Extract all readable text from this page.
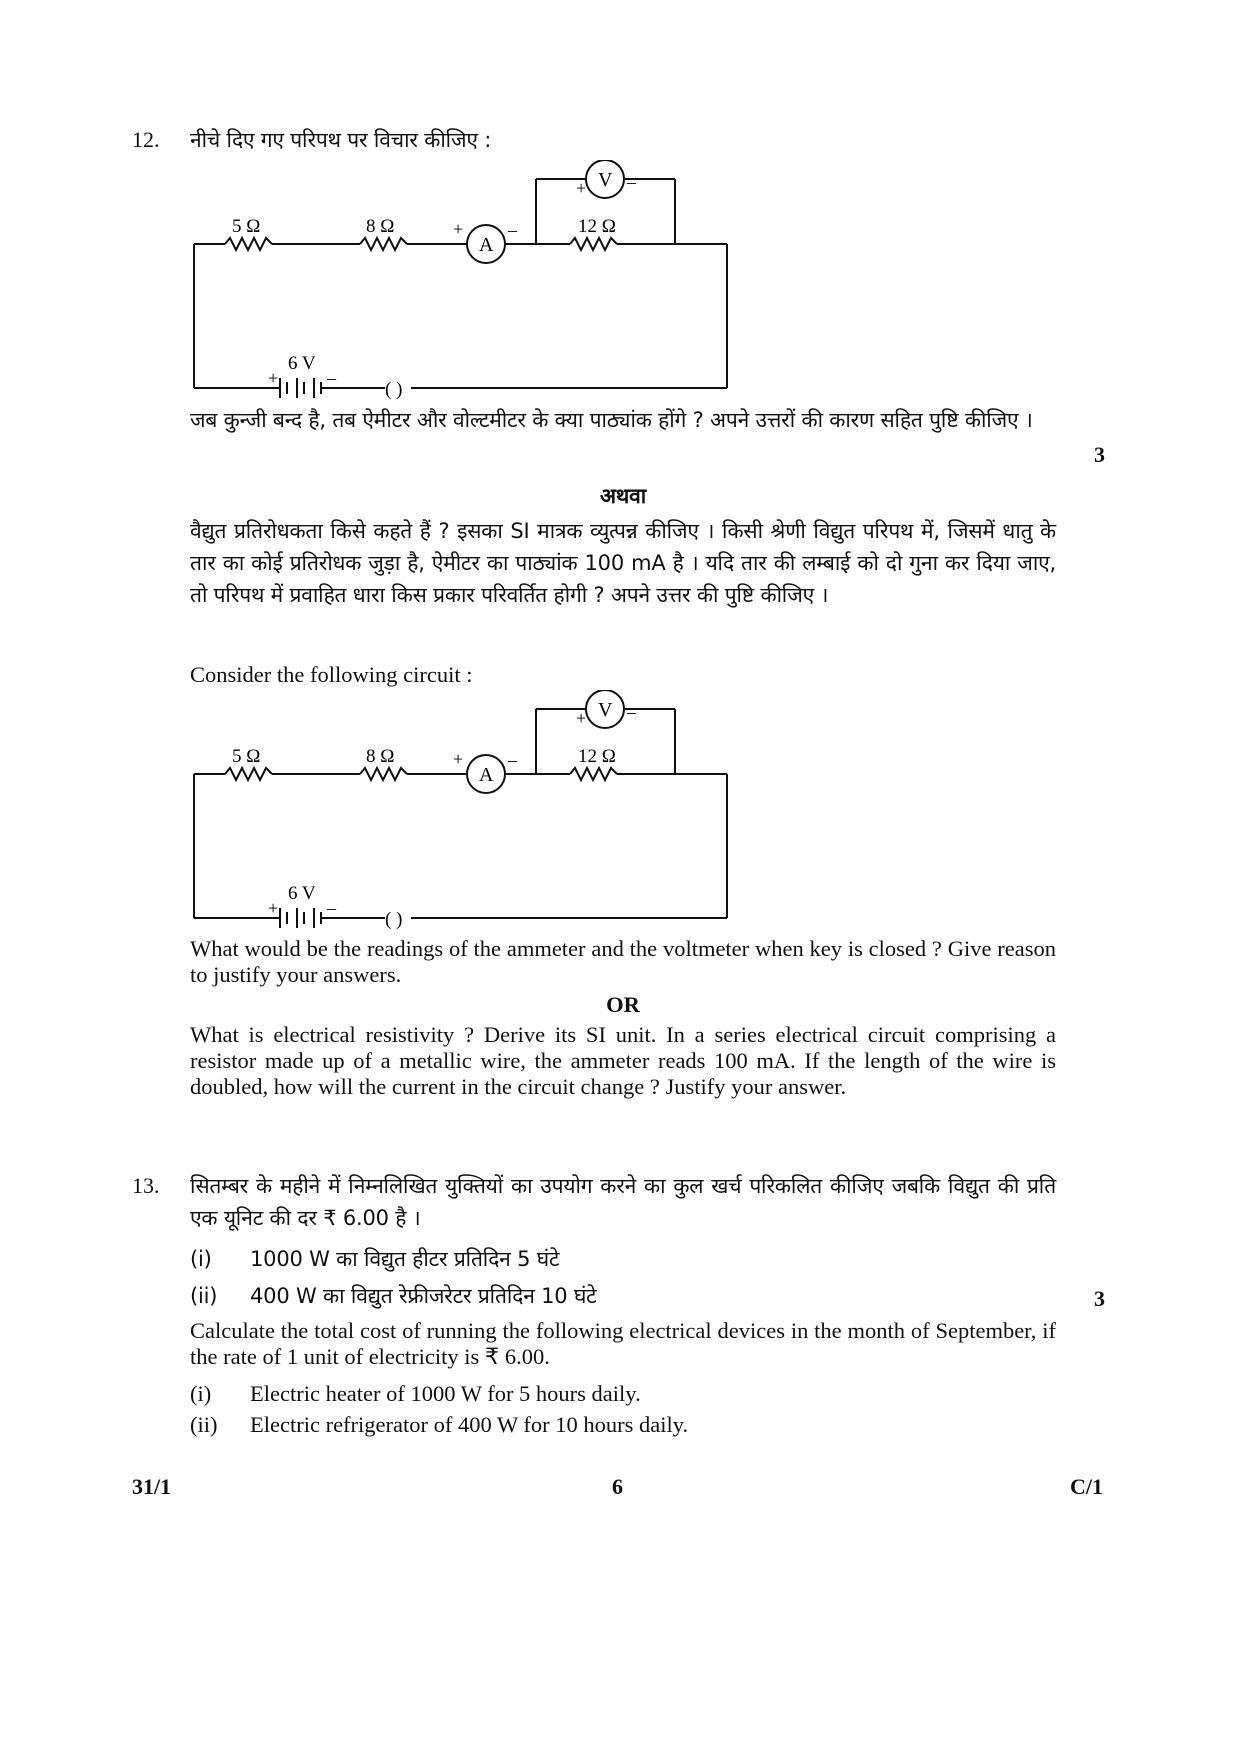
12. नीचे दिए गए परिपथ पर विचार कीजिए :
5 Ω	8 Ω	12 Ω
A
V
+ –
+ –
6 V
+	–
( )
जब कुन्जी बन्द है, तब ऐमीटर और वोल्टमीटर के क्या पाठ्यांक होंगे ? अपने उत्तरों की कारण सहित पुष्टि कीजिए ।
3
अथवा
वैद्युत प्रतिरोधकता किसे कहते हैं ? इसका SI मात्रक व्युत्पन्न कीजिए । किसी श्रेणी विद्युत परिपथ में, जिसमें धातु के तार का कोई प्रतिरोधक जुड़ा है, ऐमीटर का पाठ्यांक 100 mA है । यदि तार की लम्बाई को दो गुना कर दिया जाए, तो परिपथ में प्रवाहित धारा किस प्रकार परिवर्तित होगी ? अपने उत्तर की पुष्टि कीजिए ।
Consider the following circuit :
5 Ω	8 Ω	12 Ω
A
V
+ –
+ –
6 V
+	–
( )
What would be the readings of the ammeter and the voltmeter when key is closed ? Give reason to justify your answers.
OR
What is electrical resistivity ? Derive its SI unit. In a series electrical circuit comprising a resistor made up of a metallic wire, the ammeter reads 100 mA. If the length of the wire is doubled, how will the current in the circuit change ? Justify your answer.
13. सितम्बर के महीने में निम्नलिखित युक्तियों का उपयोग करने का कुल खर्च परिकलित कीजिए जबकि विद्युत की प्रति एक यूनिट की दर ₹ 6.00 है ।
(i) 1000 W का विद्युत हीटर प्रतिदिन 5 घंटे
(ii) 400 W का विद्युत रेफ्रीजरेटर प्रतिदिन 10 घंटे	3
Calculate the total cost of running the following electrical devices in the month of September, if the rate of 1 unit of electricity is ₹ 6.00.
(i) Electric heater of 1000 W for 5 hours daily.
(ii) Electric refrigerator of 400 W for 10 hours daily.
31/1	6	C/1
